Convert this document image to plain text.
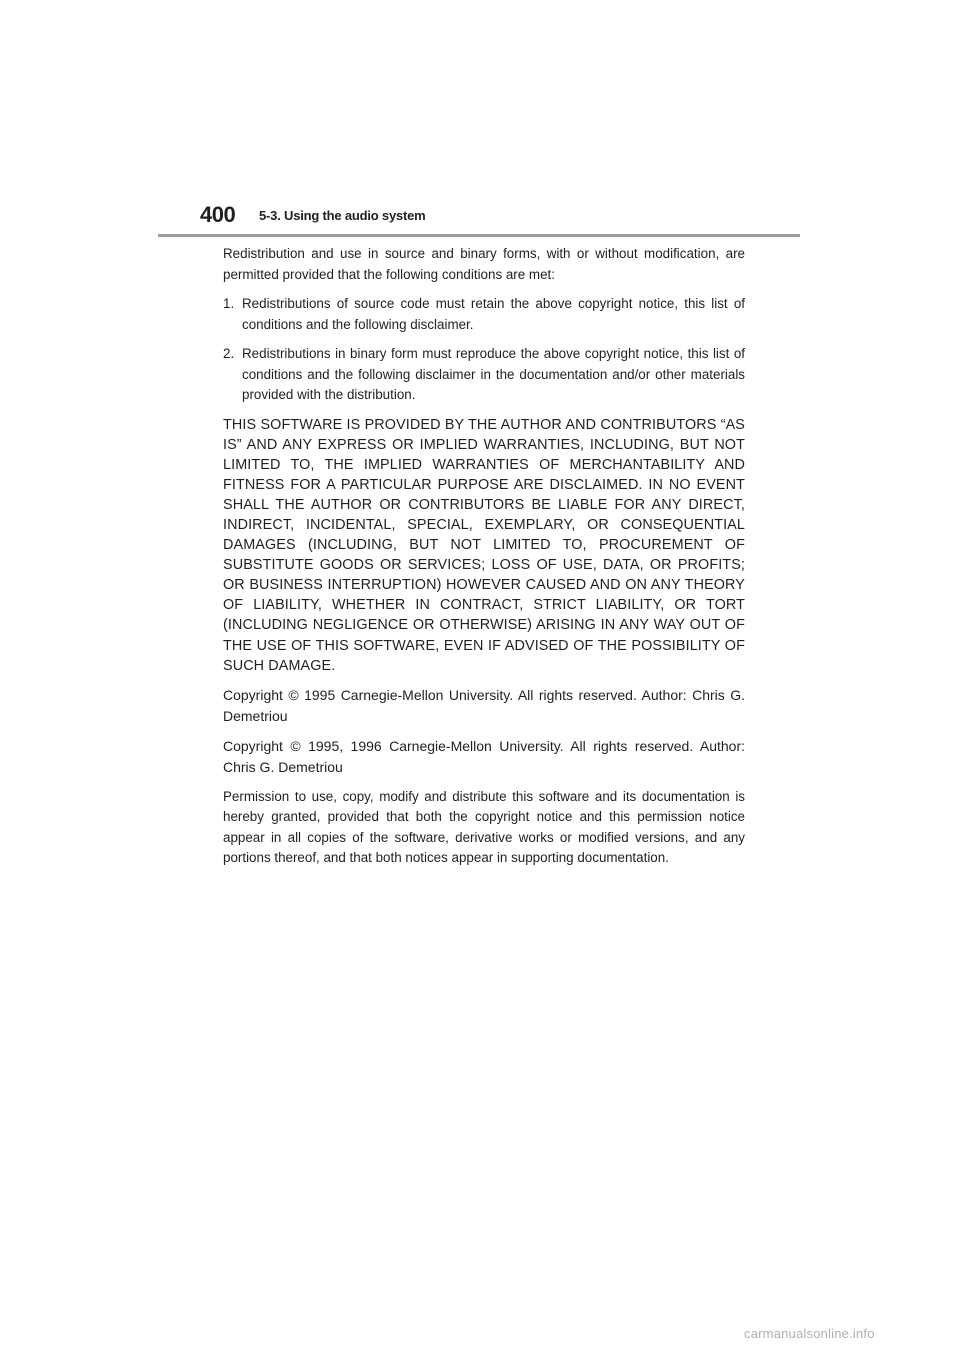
400 5-3. Using the audio system

Redistribution and use in source and binary forms, with or without modification, are permitted provided that the following conditions are met:

1. Redistributions of source code must retain the above copyright notice, this list of conditions and the following disclaimer.
2. Redistributions in binary form must reproduce the above copyright notice, this list of conditions and the following disclaimer in the documentation and/or other materials provided with the distribution.

THIS SOFTWARE IS PROVIDED BY THE AUTHOR AND CONTRIBUTORS “AS IS” AND ANY EXPRESS OR IMPLIED WARRANTIES, INCLUDING, BUT NOT LIMITED TO, THE IMPLIED WARRANTIES OF MERCHANTABILITY AND FITNESS FOR A PARTICULAR PURPOSE ARE DISCLAIMED. IN NO EVENT SHALL THE AUTHOR OR CONTRIBUTORS BE LIABLE FOR ANY DIRECT, INDIRECT, INCIDENTAL, SPECIAL, EXEMPLARY, OR CONSEQUENTIAL DAMAGES (INCLUDING, BUT NOT LIMITED TO, PROCUREMENT OF SUBSTITUTE GOODS OR SERVICES; LOSS OF USE, DATA, OR PROFITS; OR BUSINESS INTERRUPTION) HOWEVER CAUSED AND ON ANY THEORY OF LIABILITY, WHETHER IN CONTRACT, STRICT LIABILITY, OR TORT (INCLUDING NEGLIGENCE OR OTHERWISE) ARISING IN ANY WAY OUT OF THE USE OF THIS SOFTWARE, EVEN IF ADVISED OF THE POSSIBILITY OF SUCH DAMAGE.

Copyright © 1995 Carnegie-Mellon University. All rights reserved. Author: Chris G. Demetriou

Copyright © 1995, 1996 Carnegie-Mellon University. All rights reserved. Author: Chris G. Demetriou

Permission to use, copy, modify and distribute this software and its documentation is hereby granted, provided that both the copyright notice and this permission notice appear in all copies of the software, derivative works or modified versions, and any portions thereof, and that both notices appear in supporting documentation.

carmanualsonline.info
